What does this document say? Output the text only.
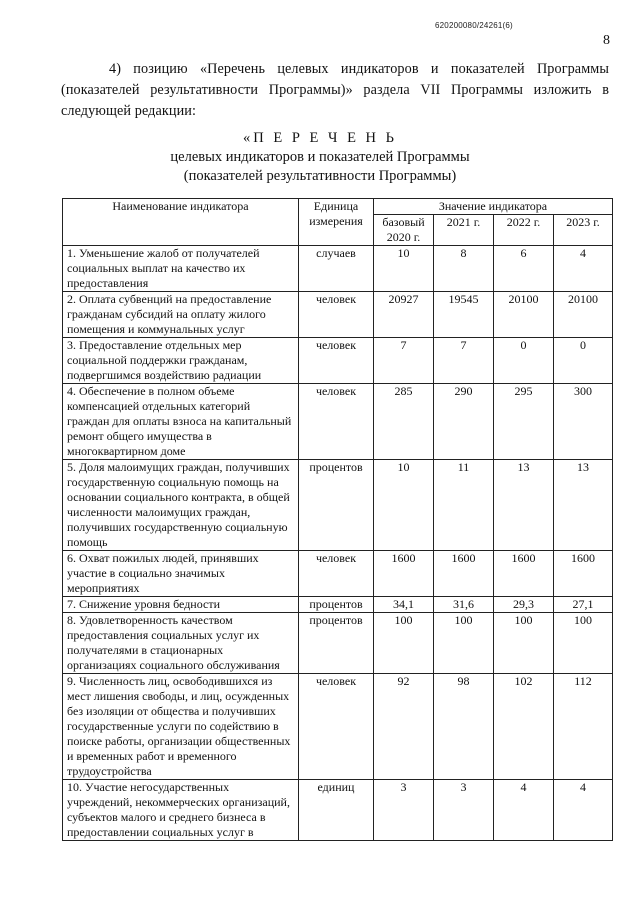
620200080/24261(6)
8
4) позицию «Перечень целевых индикаторов и показателей Программы (показателей результативности Программы)» раздела VII Программы изложить в следующей редакции:
«П Е Р Е Ч Е Н Ь
целевых индикаторов и показателей Программы
(показателей результативности Программы)
Наименование индикатора	Единица измерения	Значение индикатора			
		базовый 2020 г.	2021 г.	2022 г.	2023 г.
1. Уменьшение жалоб от получателей социальных выплат на качество их предоставления	случаев	10	8	6	4
2. Оплата субвенций на предоставление гражданам субсидий на оплату жилого помещения и коммунальных услуг	человек	20927	19545	20100	20100
3. Предоставление отдельных мер социальной поддержки гражданам, подвергшимся воздействию радиации	человек	7	7	0	0
4. Обеспечение в полном объеме компенсацией отдельных категорий граждан для оплаты взноса на капитальный ремонт общего имущества в многоквартирном доме	человек	285	290	295	300
5. Доля малоимущих граждан, получивших государственную социальную помощь на основании социального контракта, в общей численности малоимущих граждан, получивших государственную социальную помощь	процентов	10	11	13	13
6. Охват пожилых людей, принявших участие в социально значимых мероприятиях	человек	1600	1600	1600	1600
7. Снижение уровня бедности	процентов	34,1	31,6	29,3	27,1
8. Удовлетворенность качеством предоставления социальных услуг их получателями в стационарных организациях социального обслуживания	процентов	100	100	100	100
9. Численность лиц, освободившихся из мест лишения свободы, и лиц, осужденных без изоляции от общества и получивших государственные услуги по содействию в поиске работы, организации общественных и временных работ и временного трудоустройства	человек	92	98	102	112
10. Участие негосударственных учреждений, некоммерческих организаций, субъектов малого и среднего бизнеса в предоставлении социальных услуг в	единиц	3	3	4	4
